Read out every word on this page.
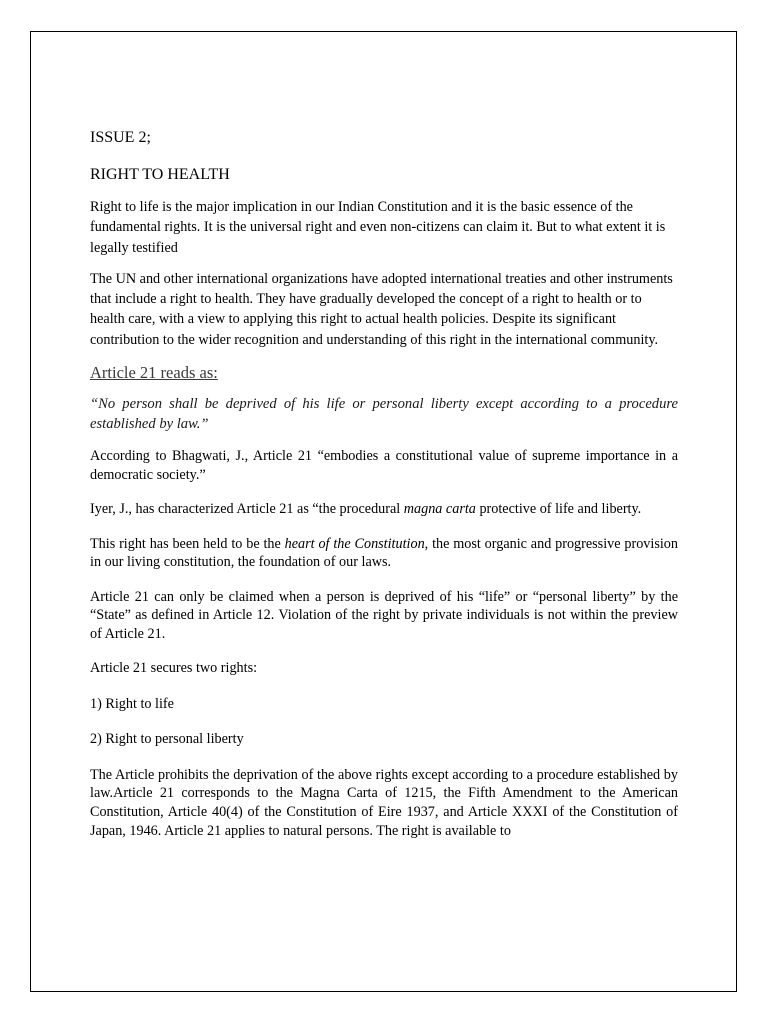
ISSUE 2;

RIGHT TO HEALTH

Right to life is the major implication in our Indian Constitution and it is the basic essence of the fundamental rights. It is the universal right and even non-citizens can claim it. But to what extent it is legally testified

The UN and other international organizations have adopted international treaties and other instruments that include a right to health. They have gradually developed the concept of a right to health or to health care, with a view to applying this right to actual health policies. Despite its significant contribution to the wider recognition and understanding of this right in the international community.

Article 21 reads as:

“No person shall be deprived of his life or personal liberty except according to a procedure established by law.”

According to Bhagwati, J., Article 21 “embodies a constitutional value of supreme importance in a democratic society.”

Iyer, J., has characterized Article 21 as “the procedural magna carta protective of life and liberty.

This right has been held to be the heart of the Constitution, the most organic and progressive provision in our living constitution, the foundation of our laws.

Article 21 can only be claimed when a person is deprived of his “life” or “personal liberty” by the “State” as defined in Article 12. Violation of the right by private individuals is not within the preview of Article 21.

Article 21 secures two rights:

1) Right to life

2) Right to personal liberty

The Article prohibits the deprivation of the above rights except according to a procedure established by law.Article 21 corresponds to the Magna Carta of 1215, the Fifth Amendment to the American Constitution, Article 40(4) of the Constitution of Eire 1937, and Article XXXI of the Constitution of Japan, 1946. Article 21 applies to natural persons. The right is available to
